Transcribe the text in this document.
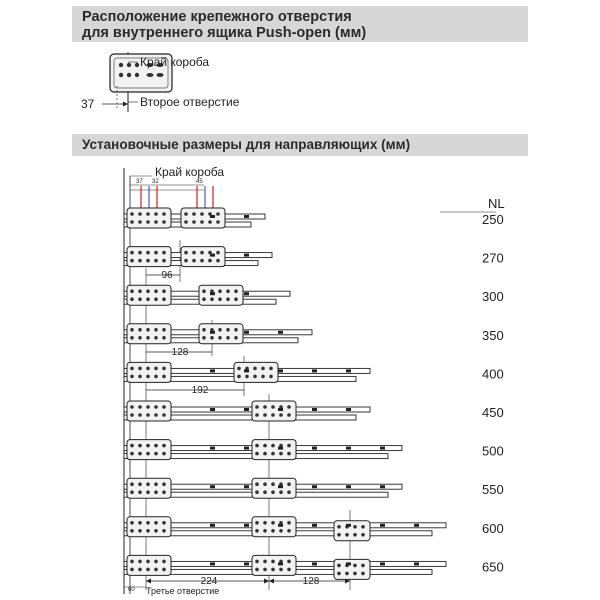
Расположение крепежного отверстия
для внутреннего ящика Push-open (мм)
Установочные размеры для направляющих (мм)
Край короба
37	Второе отверстие
Край короба
37 32	45
NL
96
128
192
224	128
60 Третье отверстие
250
270
300
350
400
450
500
550
600
650
